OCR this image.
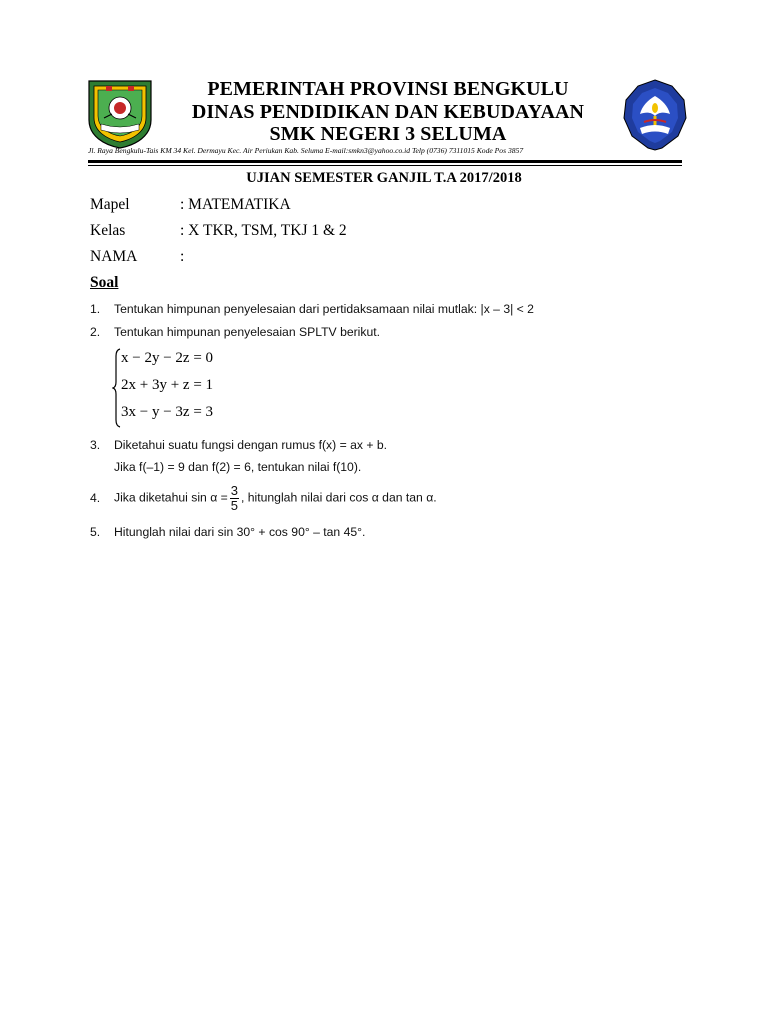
PEMERINTAH PROVINSI BENGKULU
DINAS PENDIDIKAN DAN KEBUDAYAAN
SMK NEGERI 3 SELUMA
Jl. Raya Bengkulu-Tais KM 34 Kel. Dermayu Kec. Air Periukan Kab. Seluma E-mail:smkn3@yahoo.co.id Telp (0736) 7311015 Kode Pos 3857
UJIAN SEMESTER GANJIL T.A 2017/2018
Mapel	: MATEMATIKA
Kelas	: X TKR, TSM, TKJ 1 & 2
NAMA	:
Soal
1. Tentukan himpunan penyelesaian dari pertidaksamaan nilai mutlak: |x – 3| < 2
2. Tentukan himpunan penyelesaian SPLTV berikut.
x − 2y − 2z = 0
2x + 3y + z = 1
3x − y − 3z = 3
3. Diketahui suatu fungsi dengan rumus f(x) = ax + b.
Jika f(–1) = 9 dan f(2) = 6, tentukan nilai f(10).
4. Jika diketahui $\sin \alpha = \frac{3}{5}$ , hitunglah nilai dari cos α dan tan α.
5. Hitunglah nilai dari sin 30° + cos 90° – tan 45°.
